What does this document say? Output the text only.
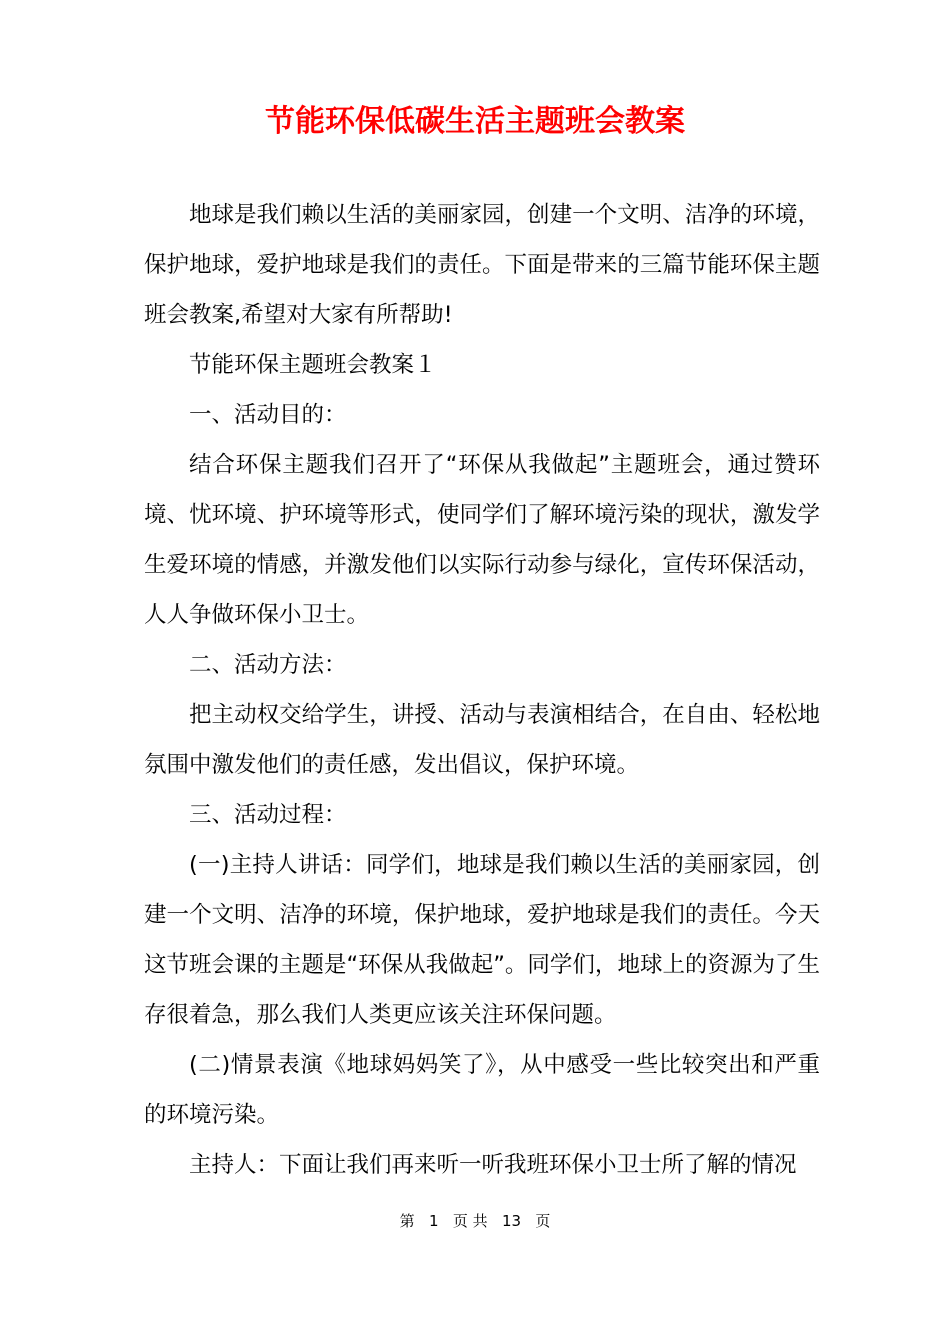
节能环保低碳生活主题班会教案

地球是我们赖以生活的美丽家园，创建一个文明、洁净的环境，保护地球，爱护地球是我们的责任。下面是带来的三篇节能环保主题班会教案,希望对大家有所帮助!

节能环保主题班会教案１

一、活动目的：

结合环保主题我们召开了“环保从我做起”主题班会，通过赞环境、忧环境、护环境等形式，使同学们了解环境污染的现状，激发学生爱环境的情感，并激发他们以实际行动参与绿化，宣传环保活动，人人争做环保小卫士。

二、活动方法：

把主动权交给学生，讲授、活动与表演相结合，在自由、轻松地氛围中激发他们的责任感，发出倡议，保护环境。

三、活动过程：

(一)主持人讲话：同学们，地球是我们赖以生活的美丽家园，创建一个文明、洁净的环境，保护地球，爱护地球是我们的责任。今天这节班会课的主题是“环保从我做起”。同学们，地球上的资源为了生存很着急，那么我们人类更应该关注环保问题。

(二)情景表演《地球妈妈笑了》，从中感受一些比较突出和严重的环境污染。

主持人：下面让我们再来听一听我班环保小卫士所了解的情况

第 1 页 共 13 页
